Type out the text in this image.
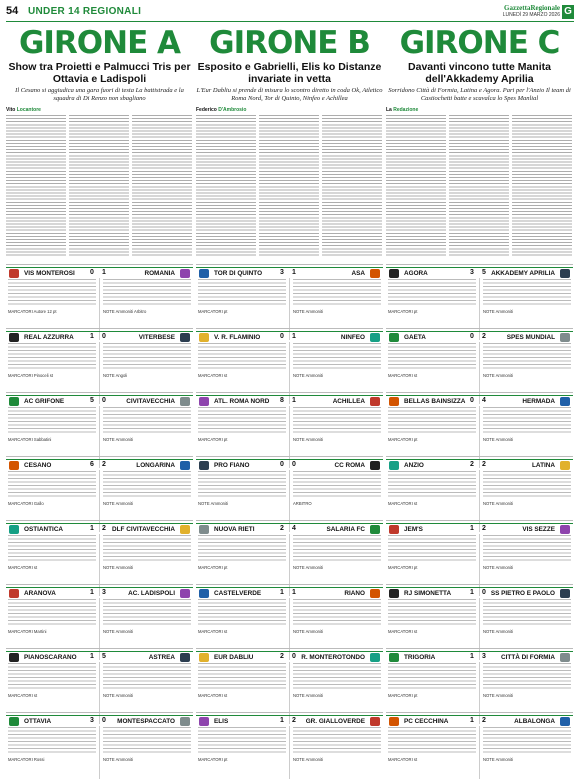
54 UNDER 14 REGIONALI	GazzettaRegionale
LUNEDÌ 29 MARZO 2026 G
GIRONE A
Show tra Proietti e Palmucci Tris per Ottavia e Ladispoli
Il Cesano si aggiudica una gara fuori di testa La battistrada e la squadra di Di Renzo non sbagliano
Vito Locantore
VIS MONTEROSI 0 1	ROMANIA
MARCATORI Autore 12 pt	NOTE Ammoniti Arbitro
REAL AZZURRA 1 0	VITERBESE
MARCATORI Pinoceli st	NOTE Angoli
AC GRIFONE	5 0	CIVITAVECCHIA
MARCATORI Sabbatini	NOTE Ammoniti
CESANO	6 2	LONGARINA
MARCATORI Gallo	NOTE Ammoniti
OSTIANTICA	1 2 DLF CIVITAVECCHIA
MARCATORI st	NOTE Ammoniti
ARANOVA	1 3	AC. LADISPOLI
MARCATORI Martini	NOTE Ammoniti
PIANOSCARANO 1 5	ASTREA
MARCATORI st	NOTE Ammoniti
OTTAVIA	3 0 MONTESPACCATO
MARCATORI Rossi	NOTE Ammoniti
GIRONE B
Esposito e Gabrielli, Elis ko Distanze invariate in vetta
L'Eur Dabliu si prende di misura lo scontro diretto in coda Ok, Atletico Roma Nord, Tor di Quinto, Ninfeo e Achillea
Federico D'Ambrosio
TOR DI QUINTO	3 1	ASA
MARCATORI pt	NOTE Ammoniti
V. R. FLAMINIO	0 1	NINFEO
MARCATORI st	NOTE Ammoniti
ATL. ROMA NORD 8 1	ACHILLEA
MARCATORI pt	NOTE Ammoniti
PRO FIANO	0 0	CC ROMA
NOTE Ammoniti	ARBITRO
NUOVA RIETI	2 4	SALARIA FC
MARCATORI pt	NOTE Ammoniti
CASTELVERDE	1 1	RIANO
MARCATORI st	NOTE Ammoniti
EUR DABLIU	2 0 R. MONTEROTONDO
MARCATORI st	NOTE Ammoniti
ELIS	1 2 GR. GIALLOVERDE
MARCATORI pt	NOTE Ammoniti
GIRONE C
Davanti vincono tutte Manita dell'Akkademy Aprilia
Sorridono Città di Formia, Latina e Agora. Pari per l'Anzio Il team di Castiochetti batte e scavalca lo Spes Manlial
La Redazione
AGORA	3 5 AKKADEMY APRILIA
MARCATORI pt	NOTE Ammoniti
GAETA	0 2	SPES MUNDIAL
MARCATORI st	NOTE Ammoniti
BELLAS BAINSIZZA 0 4	HERMADA
MARCATORI pt	NOTE Ammoniti
ANZIO	2 2	LATINA
MARCATORI st	NOTE Ammoniti
JEM'S	1 2	VIS SEZZE
MARCATORI pt	NOTE Ammoniti
RJ SIMONETTA	1 0 SS PIETRO E PAOLO
MARCATORI st	NOTE Ammoniti
TRIGORIA	1 3 CITTÀ DI FORMIA
MARCATORI pt	NOTE Ammoniti
PC CECCHINA	1 2	ALBALONGA
MARCATORI st	NOTE Ammoniti
